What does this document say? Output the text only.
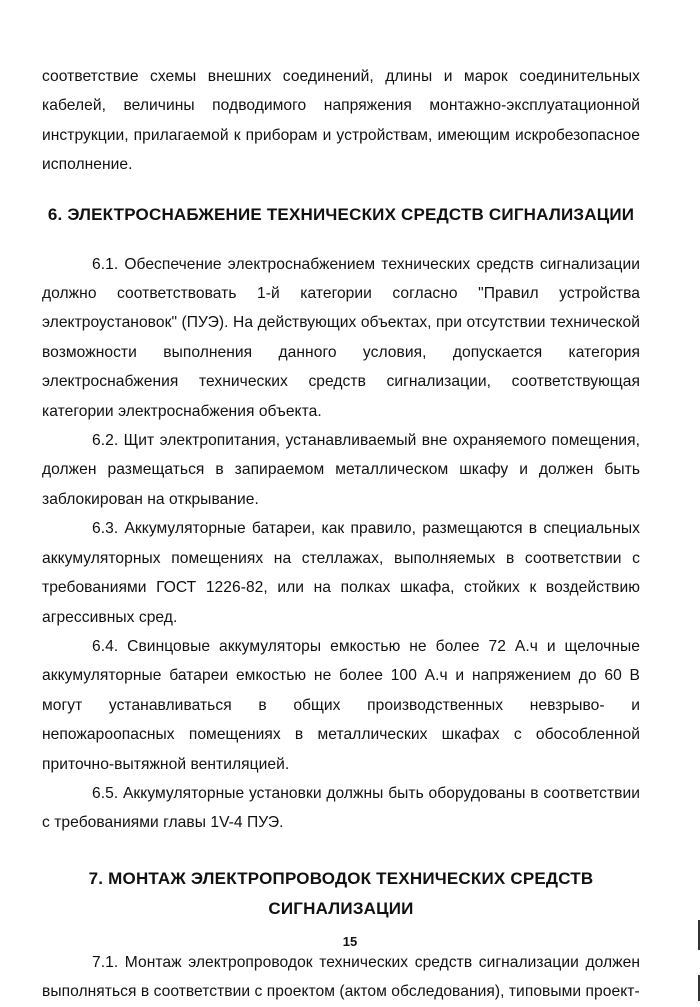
соответствие схемы внешних соединений, длины и марок соединительных кабелей, величины подводимого напряжения монтажно-эксплуатационной инструкции, прилагаемой к приборам и устройствам, имеющим искробезопасное исполнение.

6. ЭЛЕКТРОСНАБЖЕНИЕ ТЕХНИЧЕСКИХ СРЕДСТВ СИГНАЛИЗАЦИИ

6.1. Обеспечение электроснабжением технических средств сигнализации должно соответствовать 1-й категории согласно "Правил устройства электроустановок" (ПУЭ). На действующих объектах, при отсутствии технической возможности выполнения данного условия, допускается категория электроснабжения технических средств сигнализации, соответствующая категории электроснабжения объекта.

6.2. Щит электропитания, устанавливаемый вне охраняемого помещения, должен размещаться в запираемом металлическом шкафу и должен быть заблокирован на открывание.

6.3. Аккумуляторные батареи, как правило, размещаются в специальных аккумуляторных помещениях на стеллажах, выполняемых в соответствии с требованиями ГОСТ 1226-82, или на полках шкафа, стойких к воздействию агрессивных сред.

6.4. Свинцовые аккумуляторы емкостью не более 72 А.ч и щелочные аккумуляторные батареи емкостью не более 100 А.ч и напряжением до 60 В могут устанавливаться в общих производственных невзрыво- и непожароопасных помещениях в металлических шкафах с обособленной приточно-вытяжной вентиляцией.

6.5. Аккумуляторные установки должны быть оборудованы в соответствии с требованиями главы 1V-4 ПУЭ.

7. МОНТАЖ ЭЛЕКТРОПРОВОДОК ТЕХНИЧЕСКИХ СРЕДСТВ
СИГНАЛИЗАЦИИ

7.1. Монтаж электропроводок технических средств сигнализации должен выполняться в соответствии с проектом (актом обследования), типовыми проект-

15
